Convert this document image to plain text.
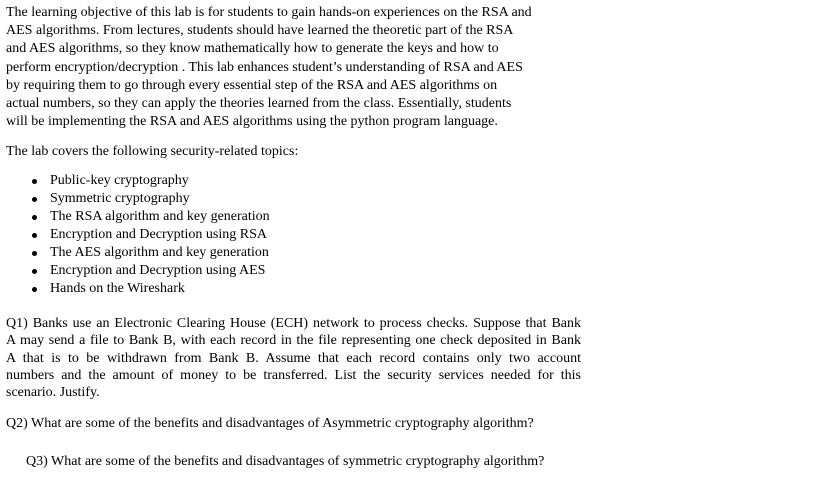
The learning objective of this lab is for students to gain hands-on experiences on the RSA and
AES algorithms. From lectures, students should have learned the theoretic part of the RSA
and AES algorithms, so they know mathematically how to generate the keys and how to
perform encryption/decryption . This lab enhances student’s understanding of RSA and AES
by requiring them to go through every essential step of the RSA and AES algorithms on
actual numbers, so they can apply the theories learned from the class. Essentially, students
will be implementing the RSA and AES algorithms using the python program language.
The lab covers the following security-related topics:
Public-key cryptography
Symmetric cryptography
The RSA algorithm and key generation
Encryption and Decryption using RSA
The AES algorithm and key generation
Encryption and Decryption using AES
Hands on the Wireshark
Q1) Banks use an Electronic Clearing House (ECH) network to process checks. Suppose that Bank
A may send a file to Bank B, with each record in the file representing one check deposited in Bank
A that is to be withdrawn from Bank B. Assume that each record contains only two account
numbers and the amount of money to be transferred. List the security services needed for this
scenario. Justify.
Q2) What are some of the benefits and disadvantages of Asymmetric cryptography algorithm?
Q3) What are some of the benefits and disadvantages of symmetric cryptography algorithm?
